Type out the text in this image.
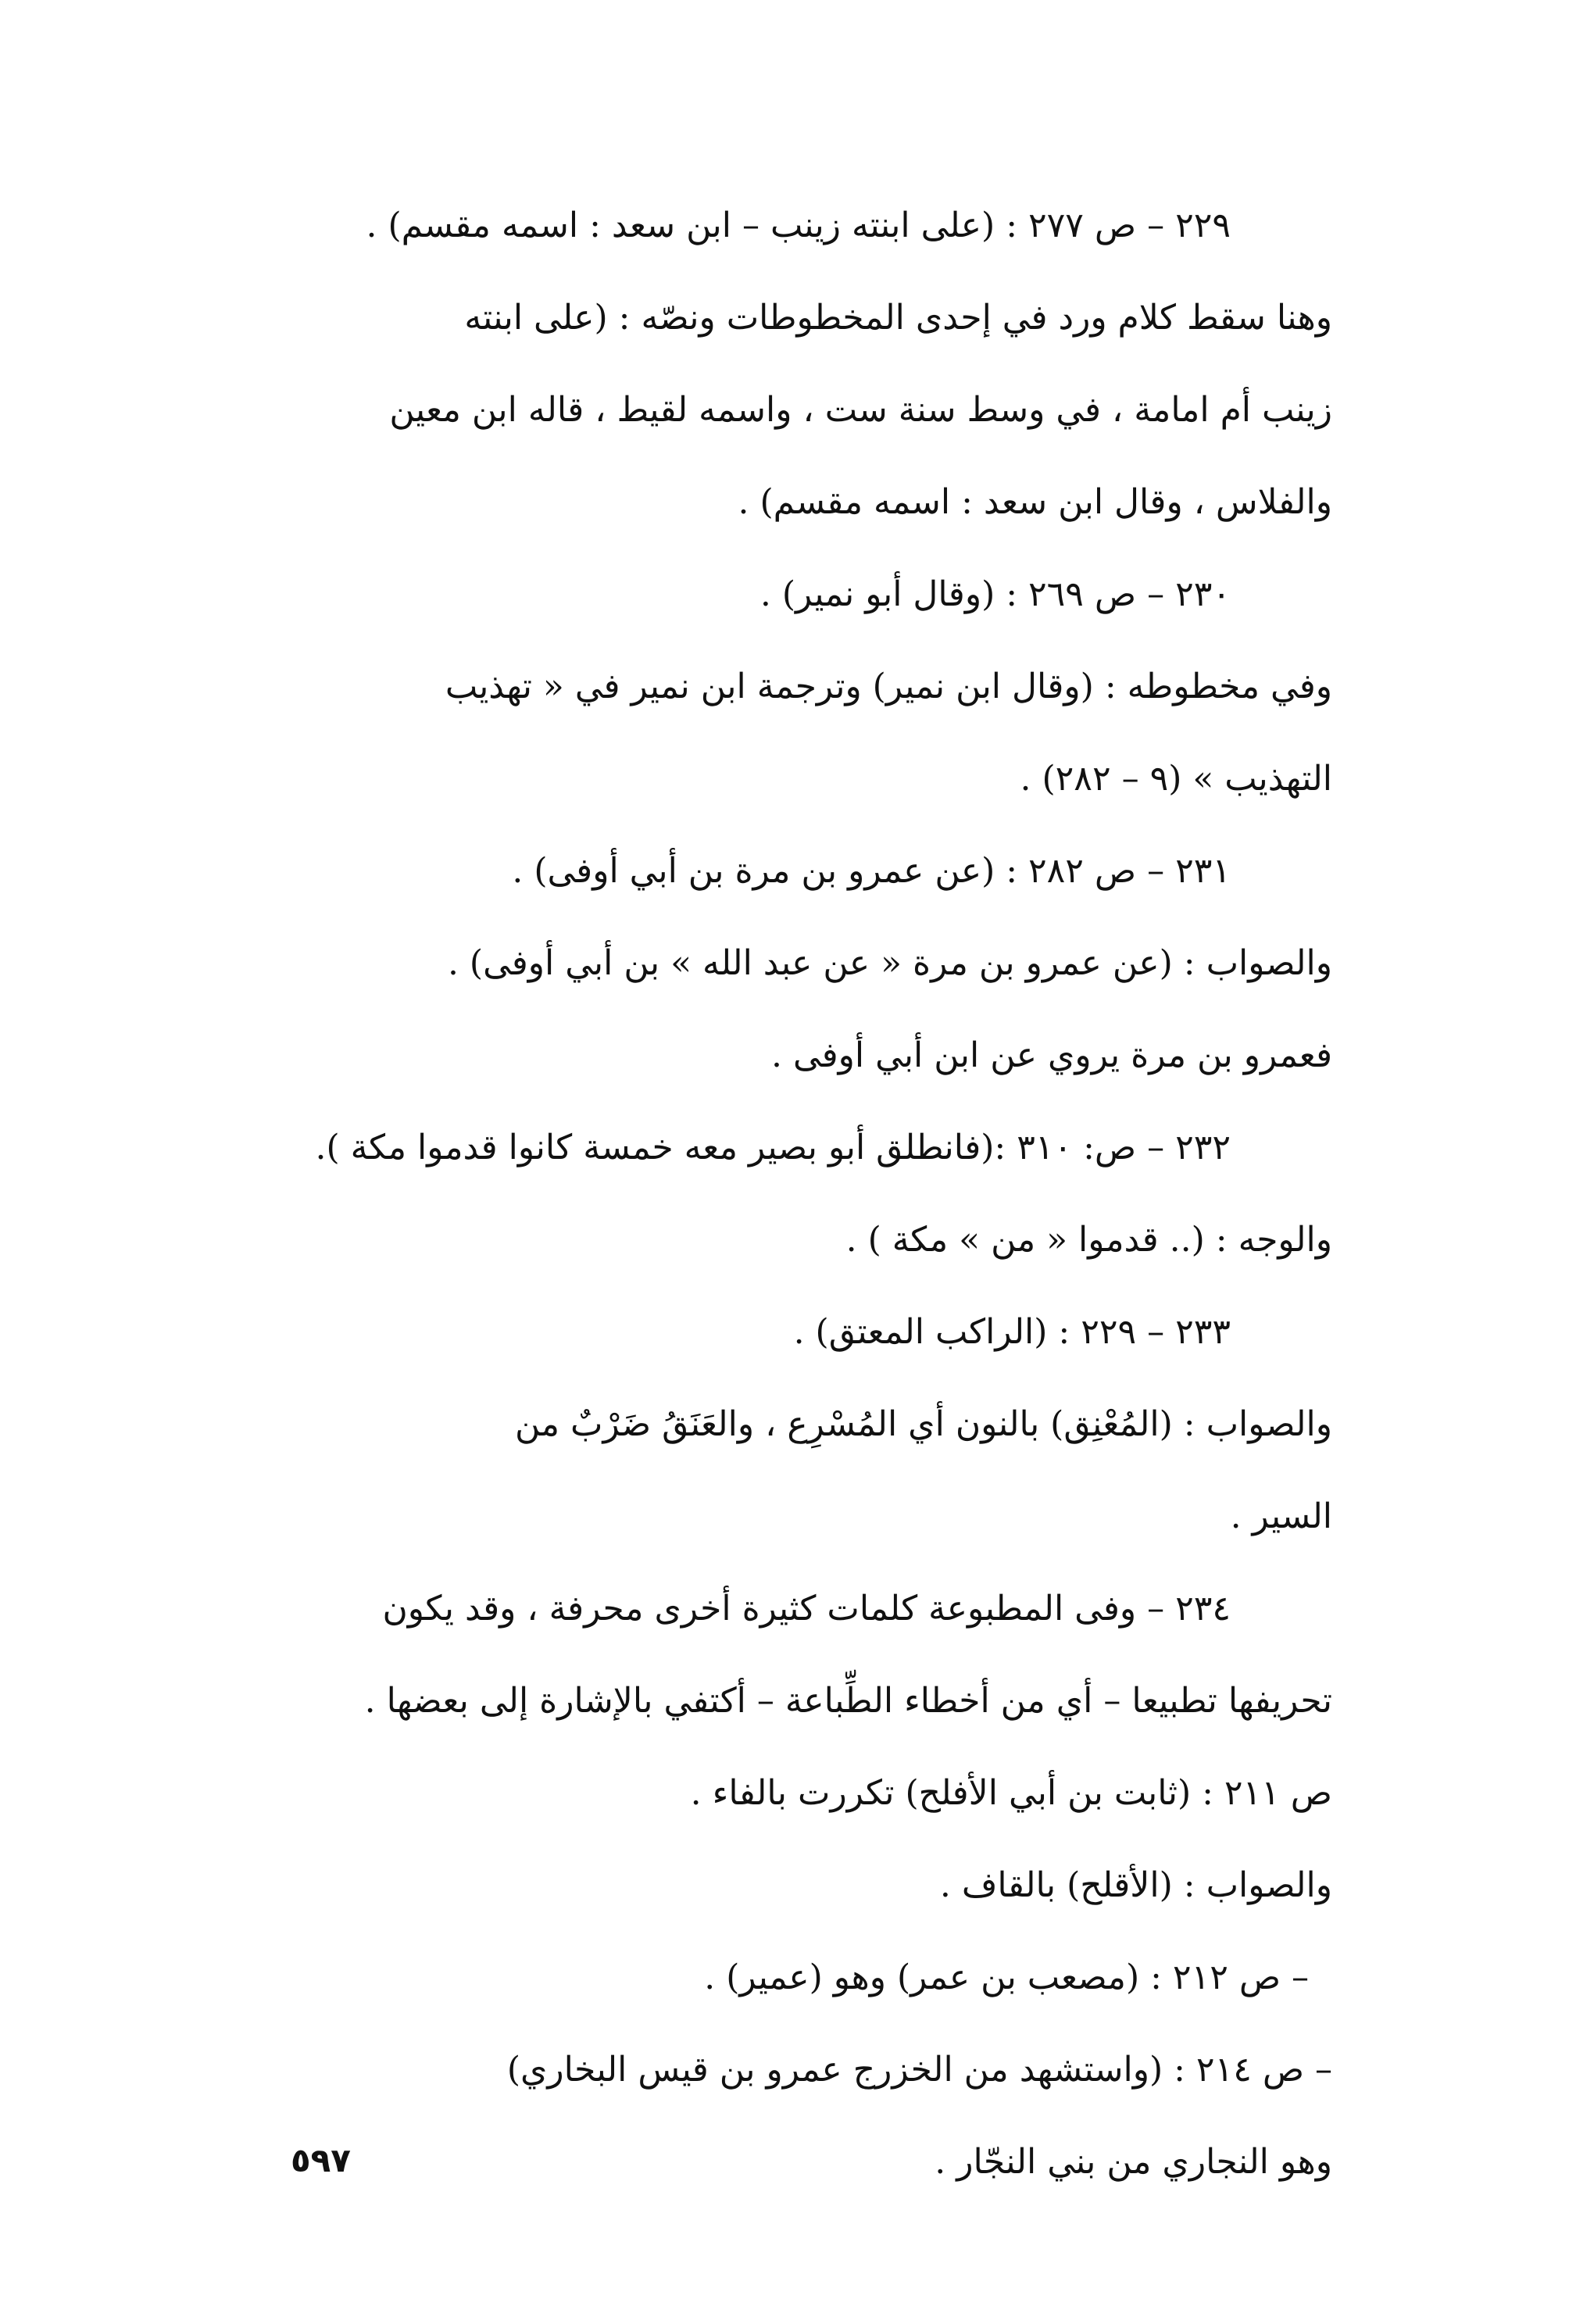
٢٢٩ – ص ٢٧٧ : (على ابنته زينب – ابن سعد : اسمه مقسم) .
وهنا سقط كلام ورد في إحدى المخطوطات ونصّه : (على ابنته
زينب أم امامة ، في وسط سنة ست ، واسمه لقيط ، قاله ابن معين
والفلاس ، وقال ابن سعد : اسمه مقسم) .
٢٣٠ – ص ٢٦٩ : (وقال أبو نمير) .
وفي مخطوطه : (وقال ابن نمير) وترجمة ابن نمير في « تهذيب
التهذيب » (٩ – ٢٨٢) .
٢٣١ – ص ٢٨٢ : (عن عمرو بن مرة بن أبي أوفى) .
والصواب : (عن عمرو بن مرة « عن عبد الله » بن أبي أوفى) .
فعمرو بن مرة يروي عن ابن أبي أوفى .
٢٣٢ – ص: ٣١٠ :(فانطلق أبو بصير معه خمسة كانوا قدموا مكة ).
والوجه : (.. قدموا « من » مكة ) .
٢٣٣ – ٢٢٩ : (الراكب المعتق) .
والصواب : (المُعْنِق) بالنون أي المُسْرِع ، والعَنَقُ ضَرْبٌ من
السير .
٢٣٤ – وفى المطبوعة كلمات كثيرة أخرى محرفة ، وقد يكون
تحريفها تطبيعا – أي من أخطاء الطِّباعة – أكتفي بالإشارة إلى بعضها .
ص ٢١١ : (ثابت بن أبي الأفلح) تكررت بالفاء .
والصواب : (الأقلح) بالقاف .
– ص ٢١٢ : (مصعب بن عمر) وهو (عمير) .
– ص ٢١٤ : (واستشهد من الخزرج عمرو بن قيس البخاري)
وهو النجاري من بني النجّار .
٥٩٧
